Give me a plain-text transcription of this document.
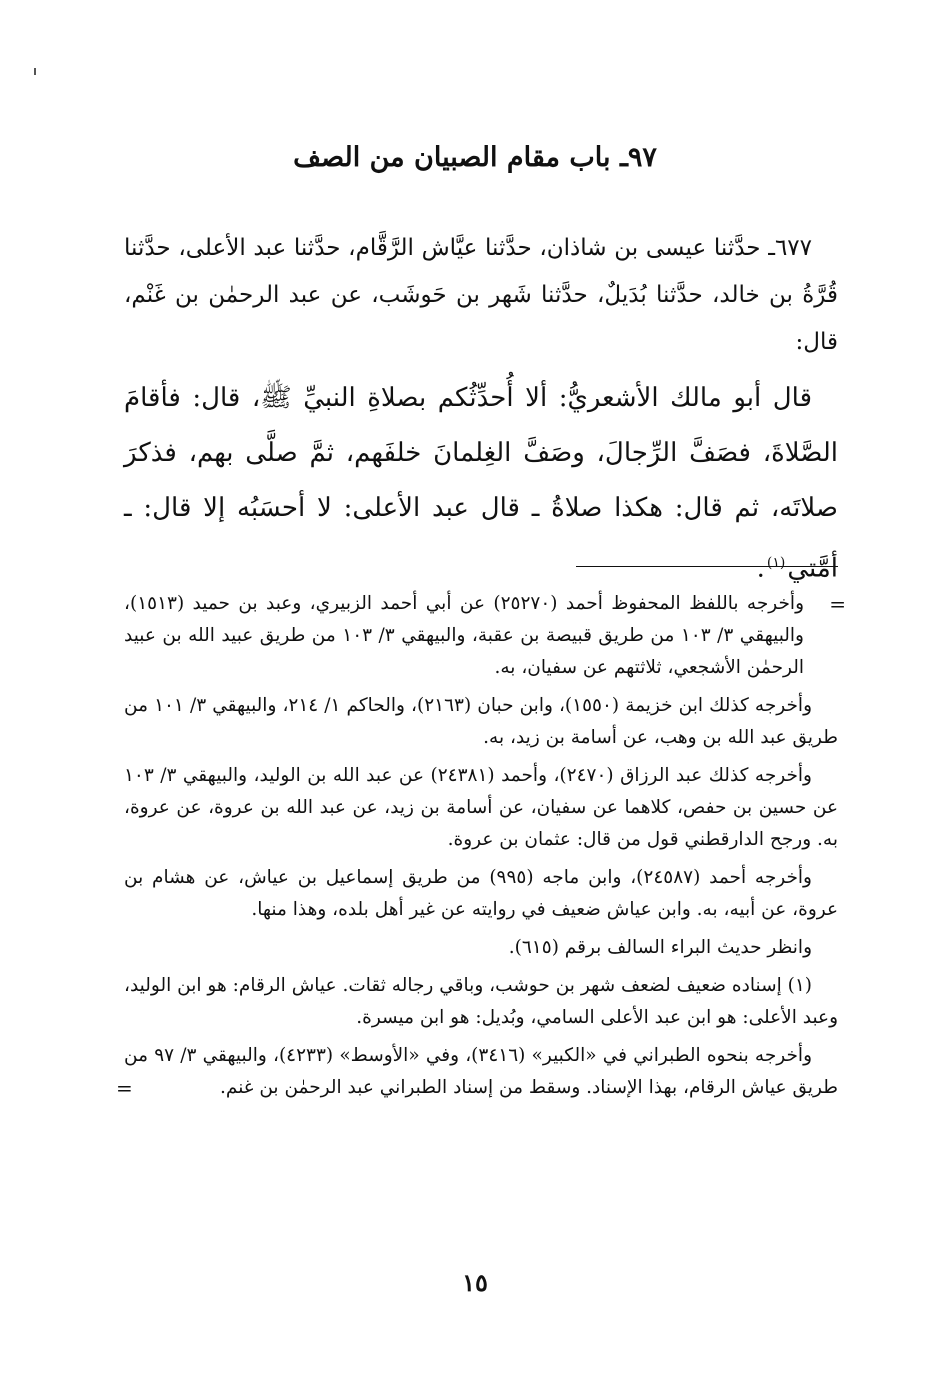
٩٧ـ باب مقام الصبيان من الصف

٦٧٧ـ حدَّثنا عيسى بن شاذان، حدَّثنا عيَّاش الرَّقَّام، حدَّثنا عبد الأعلى، حدَّثنا قُرَّةُ بن خالد، حدَّثنا بُدَيلٌ، حدَّثنا شَهر بن حَوشَب، عن عبد الرحمٰن بن غَنْم، قال:

قال أبو مالك الأشعريُّ: ألا أُحدِّثُكم بصلاةِ النبيِّ ﷺ، قال: فأقامَ الصَّلاةَ، فصَفَّ الرِّجالَ، وصَفَّ الغِلمانَ خلفَهم، ثمَّ صلَّى بهم، فذكرَ صلاتَه، ثم قال: هكذا صلاةُ ـ قال عبد الأعلى: لا أحسَبُه إلا قال: ـ أمَّتي$^{(١)}$.

=
وأخرجه باللفظ المحفوظ أحمد (٢٥٢٧٠) عن أبي أحمد الزبيري، وعبد بن حميد (١٥١٣)، والبيهقي ٣/ ١٠٣ من طريق قبيصة بن عقبة، والبيهقي ٣/ ١٠٣ من طريق عبيد الله بن عبيد الرحمٰن الأشجعي، ثلاثتهم عن سفيان، به.

وأخرجه كذلك ابن خزيمة (١٥٥٠)، وابن حبان (٢١٦٣)، والحاكم ١/ ٢١٤، والبيهقي ٣/ ١٠١ من طريق عبد الله بن وهب، عن أسامة بن زيد، به.

وأخرجه كذلك عبد الرزاق (٢٤٧٠)، وأحمد (٢٤٣٨١) عن عبد الله بن الوليد، والبيهقي ٣/ ١٠٣ عن حسين بن حفص، كلاهما عن سفيان، عن أسامة بن زيد، عن عبد الله بن عروة، عن عروة، به. ورجح الدارقطني قول من قال: عثمان بن عروة.

وأخرجه أحمد (٢٤٥٨٧)، وابن ماجه (٩٩٥) من طريق إسماعيل بن عياش، عن هشام بن عروة، عن أبيه، به. وابن عياش ضعيف في روايته عن غير أهل بلده، وهذا منها.

وانظر حديث البراء السالف برقم (٦١٥).

(١) إسناده ضعيف لضعف شهر بن حوشب، وباقي رجاله ثقات. عياش الرقام: هو ابن الوليد، وعبد الأعلى: هو ابن عبد الأعلى السامي، وبُديل: هو ابن ميسرة.

وأخرجه بنحوه الطبراني في «الكبير» (٣٤١٦)، وفي «الأوسط» (٤٢٣٣)، والبيهقي ٣/ ٩٧ من طريق عياش الرقام، بهذا الإسناد. وسقط من إسناد الطبراني عبد الرحمٰن بن غنم.
=

١٥
